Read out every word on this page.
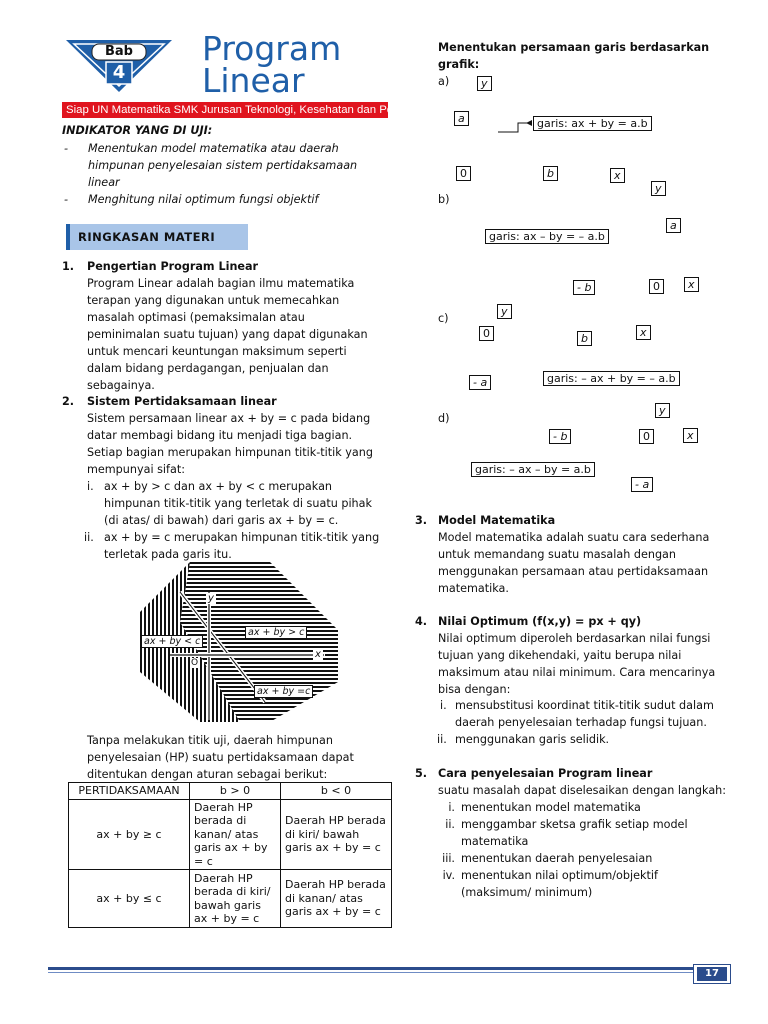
Bab
4
Program
Linear
Siap UN Matematika SMK Jurusan Teknologi, Kesehatan dan Pertanian
INDIKATOR YANG DI UJI:
- Menentukan model matematika atau daerah
himpunan penyelesaian sistem pertidaksamaan
linear
- Menghitung nilai optimum fungsi objektif
RINGKASAN MATERI
1. Pengertian Program Linear
Program Linear adalah bagian ilmu matematika
terapan yang digunakan untuk memecahkan
masalah optimasi (pemaksimalan atau
peminimalan suatu tujuan) yang dapat digunakan
untuk mencari keuntungan maksimum seperti
dalam bidang perdagangan, penjualan dan
sebagainya.
2. Sistem Pertidaksamaan linear
Sistem persamaan linear ax + by = c pada bidang
datar membagi bidang itu menjadi tiga bagian.
Setiap bagian merupakan himpunan titik-titik yang
mempunyai sifat:
i. ax + by > c dan ax + by < c merupakan
himpunan titik-titik yang terletak di suatu pihak
(di atas/ di bawah) dari garis ax + by = c.
ii. ax + by = c merupakan himpunan titik-titik yang
terletak pada garis itu.
y
x
O
ax + by > c
ax + by < c
ax + by =c
Tanpa melakukan titik uji, daerah himpunan
penyelesaian (HP) suatu pertidaksamaan dapat
ditentukan dengan aturan sebagai berikut:
PERTIDAKSAMAAN	b > 0	b < 0
ax + by ≥ c	Daerah HP berada di kanan/ atas garis ax + by = c	Daerah HP berada di kiri/ bawah garis ax + by = c
ax + by ≤ c	Daerah HP berada di kiri/ bawah garis ax + by = c	Daerah HP berada di kanan/ atas garis ax + by = c
Menentukan persamaan garis berdasarkan
grafik:
a)	y
a	garis: ax + by = a.b
0	b	x
b)
y
a
garis: ax – by = – a.b
- b	0	x
c)
y
0	b	x
- a	garis: – ax + by = – a.b
d)
y
- b	0	x
garis: – ax – by = a.b
- a
3. Model Matematika
Model matematika adalah suatu cara sederhana
untuk memandang suatu masalah dengan
menggunakan persamaan atau pertidaksamaan
matematika.
4. Nilai Optimum (f(x,y) = px + qy)
Nilai optimum diperoleh berdasarkan nilai fungsi
tujuan yang dikehendaki, yaitu berupa nilai
maksimum atau nilai minimum. Cara mencarinya
bisa dengan:
i. mensubstitusi koordinat titik-titik sudut dalam
daerah penyelesaian terhadap fungsi tujuan.
ii. menggunakan garis selidik.
5. Cara penyelesaian Program linear
suatu masalah dapat diselesaikan dengan langkah:
i. menentukan model matematika
ii. menggambar sketsa grafik setiap model
matematika
iii. menentukan daerah penyelesaian
iv. menentukan nilai optimum/objektif
(maksimum/ minimum)
17
